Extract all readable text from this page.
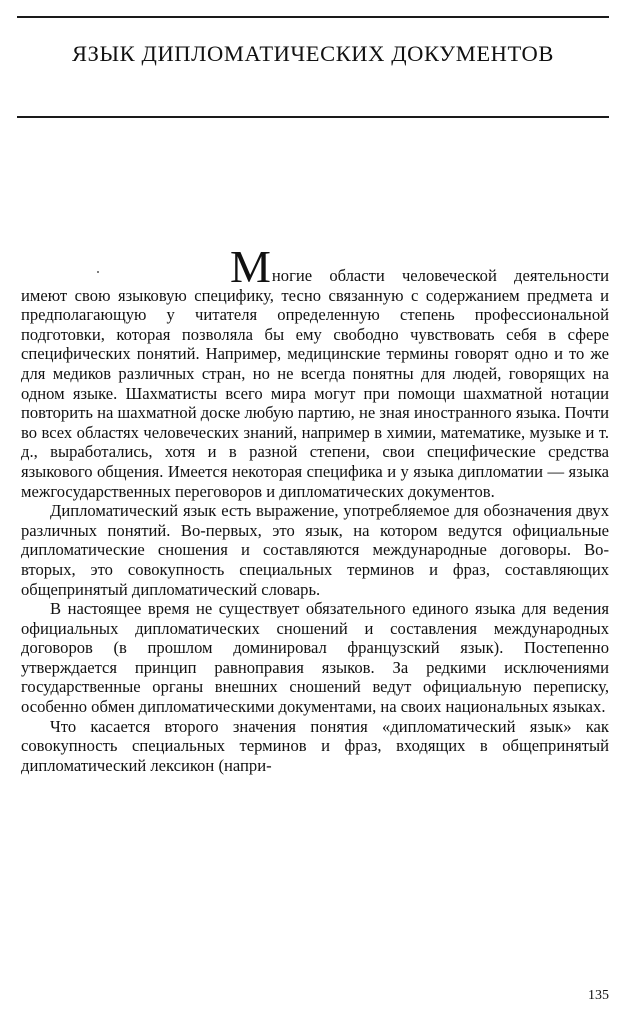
ЯЗЫК ДИПЛОМАТИЧЕСКИХ ДОКУМЕНТОВ

Многие области человеческой деятельности имеют свою языковую специфику, тесно связанную с содержанием предмета и предполагающую у читателя определенную степень профессиональной подготовки, которая позволяла бы ему свободно чувствовать себя в сфере специфических понятий. Например, медицинские термины говорят одно и то же для медиков различных стран, но не всегда понятны для людей, говорящих на одном языке. Шахматисты всего мира могут при помощи шахматной нотации повторить на шахматной доске любую партию, не зная иностранного языка. Почти во всех областях человеческих знаний, например в химии, математике, музыке и т. д., выработались, хотя и в разной степени, свои специфические средства языкового общения. Имеется некоторая специфика и у языка дипломатии — языка межгосударственных переговоров и дипломатических документов.

Дипломатический язык есть выражение, употребляемое для обозначения двух различных понятий. Во-первых, это язык, на котором ведутся официальные дипломатические сношения и составляются международные договоры. Во-вторых, это совокупность специальных терминов и фраз, составляющих общепринятый дипломатический словарь.

В настоящее время не существует обязательного единого языка для ведения официальных дипломатических сношений и составления международных договоров (в прошлом доминировал французский язык). Постепенно утверждается принцип равноправия языков. За редкими исключениями государственные органы внешних сношений ведут официальную переписку, особенно обмен дипломатическими документами, на своих национальных языках.

Что касается второго значения понятия «дипломатический язык» как совокупность специальных терминов и фраз, входящих в общепринятый дипломатический лексикон (напри-

135
